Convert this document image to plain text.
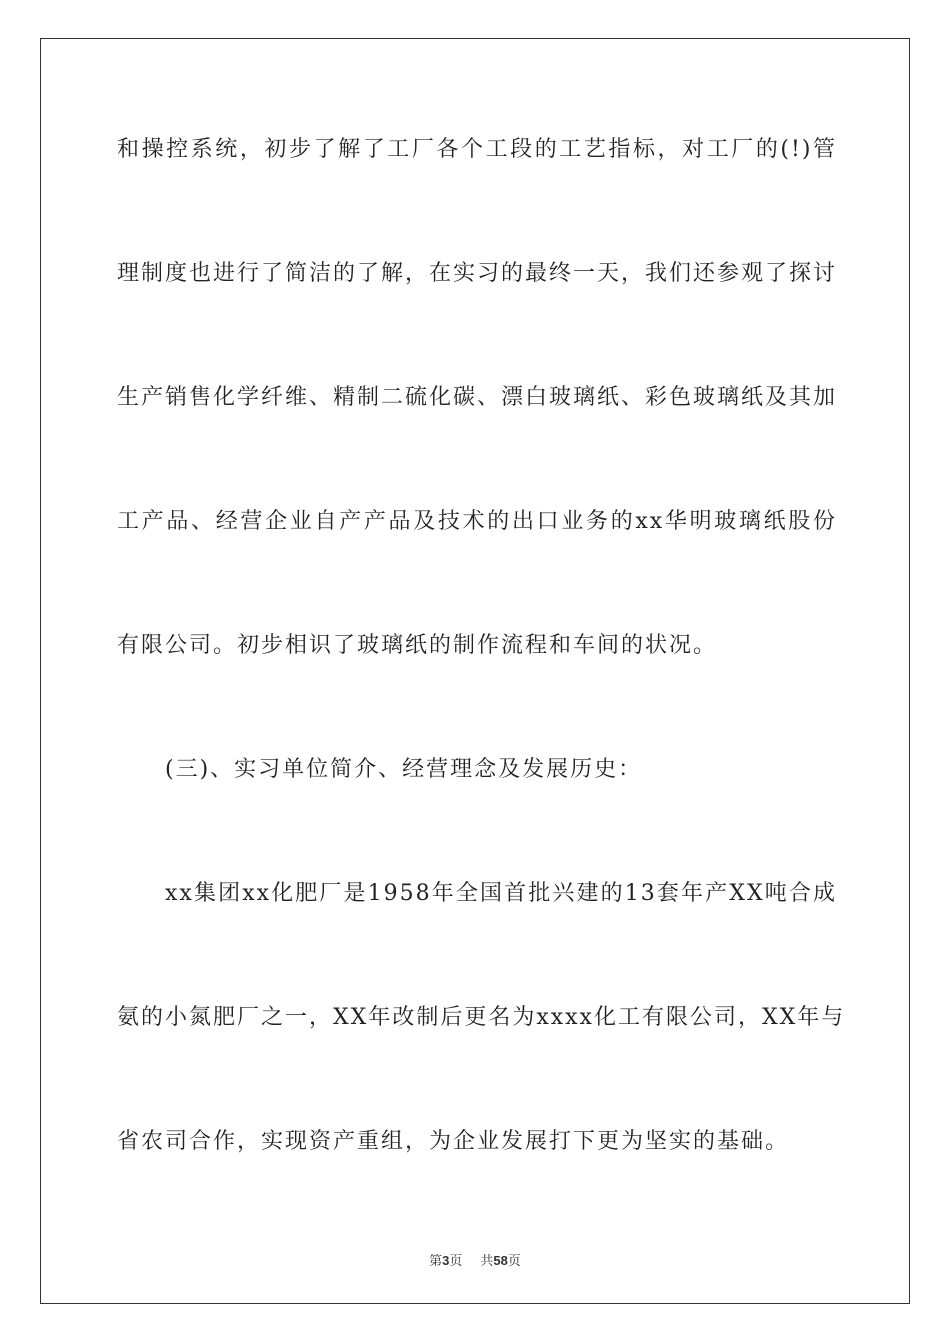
和操控系统，初步了解了工厂各个工段的工艺指标，对工厂的(!)管
理制度也进行了简洁的了解，在实习的最终一天，我们还参观了探讨
生产销售化学纤维、精制二硫化碳、漂白玻璃纸、彩色玻璃纸及其加
工产品、经营企业自产产品及技术的出口业务的xx华明玻璃纸股份
有限公司。初步相识了玻璃纸的制作流程和车间的状况。
(三)、实习单位简介、经营理念及发展历史：
xx集团xx化肥厂是1958年全国首批兴建的13套年产XX吨合成
氨的小氮肥厂之一，XX年改制后更名为xxxx化工有限公司，XX年与
省农司合作，实现资产重组，为企业发展打下更为坚实的基础。
第3页 共58页
